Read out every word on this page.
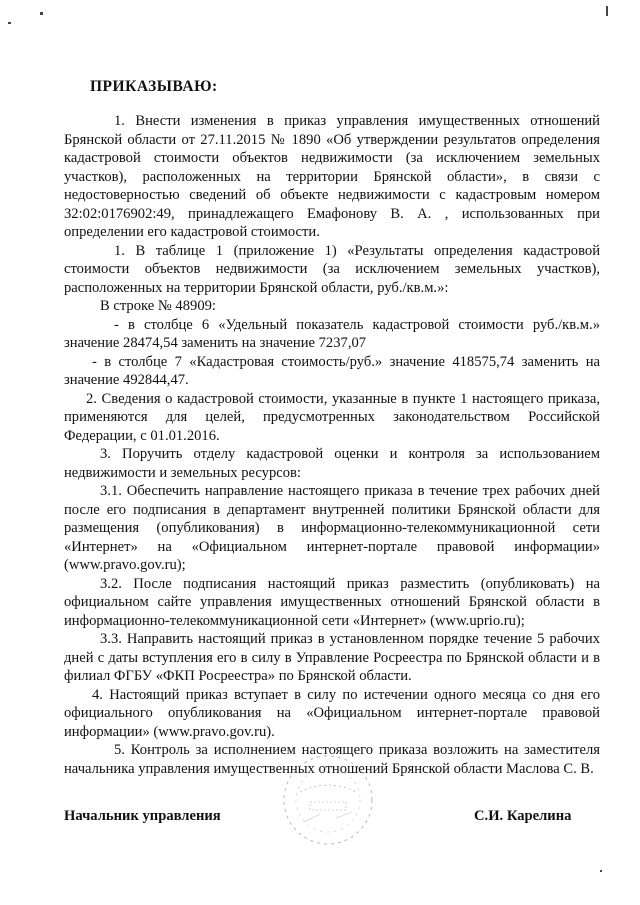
ПРИКАЗЫВАЮ:

1. Внести изменения в приказ управления имущественных отношений Брянской области от 27.11.2015 № 1890 «Об утверждении результатов определения кадастровой стоимости объектов недвижимости (за исключением земельных участков), расположенных на территории Брянской области», в связи с недостоверностью сведений об объекте недвижимости с кадастровым номером 32:02:0176902:49, принадлежащего Емафонову В. А. , использованных при определении его кадастровой стоимости.

1. В таблице 1 (приложение 1) «Результаты определения кадастровой стоимости объектов недвижимости (за исключением земельных участков), расположенных на территории Брянской области, руб./кв.м.»:

В строке № 48909:

- в столбце 6 «Удельный показатель кадастровой стоимости руб./кв.м.» значение 28474,54 заменить на значение 7237,07

- в столбце 7 «Кадастровая стоимость/руб.» значение 418575,74 заменить на значение 492844,47.

2. Сведения о кадастровой стоимости, указанные в пункте 1 настоящего приказа, применяются для целей, предусмотренных законодательством Российской Федерации, с 01.01.2016.

3. Поручить отделу кадастровой оценки и контроля за использованием недвижимости и земельных ресурсов:

3.1. Обеспечить направление настоящего приказа в течение трех рабочих дней после его подписания в департамент внутренней политики Брянской области для размещения (опубликования) в информационно-телекоммуникационной сети «Интернет» на «Официальном интернет-портале правовой информации» (www.pravo.gov.ru);

3.2. После подписания настоящий приказ разместить (опубликовать) на официальном сайте управления имущественных отношений Брянской области в информационно-телекоммуникационной сети «Интернет» (www.uprio.ru);

3.3. Направить настоящий приказ в установленном порядке течение 5 рабочих дней с даты вступления его в силу в Управление Росреестра по Брянской области и в филиал ФГБУ «ФКП Росреестра» по Брянской области.

4. Настоящий приказ вступает в силу по истечении одного месяца со дня его официального опубликования на «Официальном интернет-портале правовой информации» (www.pravo.gov.ru).

5. Контроль за исполнением настоящего приказа возложить на заместителя начальника управления имущественных отношений Брянской области Маслова С. В.

Начальник управления	С.И. Карелина
